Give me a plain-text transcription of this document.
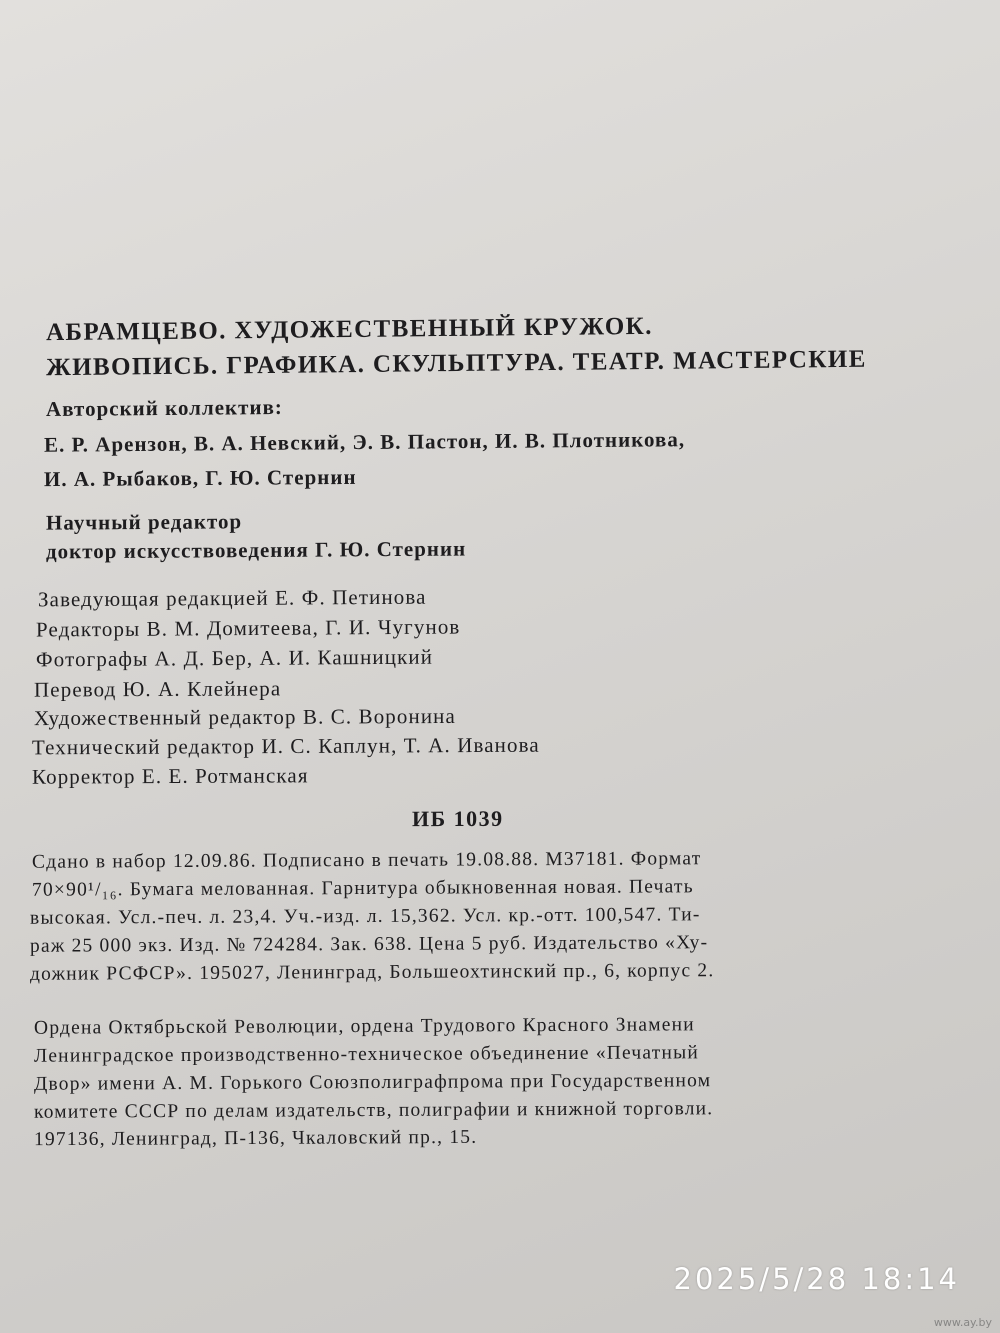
АБРАМЦЕВО. ХУДОЖЕСТВЕННЫЙ КРУЖОК.
ЖИВОПИСЬ. ГРАФИКА. СКУЛЬПТУРА. ТЕАТР. МАСТЕРСКИЕ
Авторский коллектив:
Е. Р. Арензон, В. А. Невский, Э. В. Пастон, И. В. Плотникова,
И. А. Рыбаков, Г. Ю. Стернин
Научный редактор
доктор искусствоведения Г. Ю. Стернин
Заведующая редакцией Е. Ф. Петинова
Редакторы В. М. Домитеева, Г. И. Чугунов
Фотографы А. Д. Бер, А. И. Кашницкий
Перевод Ю. А. Клейнера
Художественный редактор В. С. Воронина
Технический редактор И. С. Каплун, Т. А. Иванова
Корректор Е. Е. Ротманская
ИБ 1039
Сдано в набор 12.09.86. Подписано в печать 19.08.88. М37181. Формат
70×90¹/₁₆. Бумага мелованная. Гарнитура обыкновенная новая. Печать
высокая. Усл.-печ. л. 23,4. Уч.-изд. л. 15,362. Усл. кр.-отт. 100,547. Ти-
раж 25 000 экз. Изд. № 724284. Зак. 638. Цена 5 руб. Издательство «Ху-
дожник РСФСР». 195027, Ленинград, Большеохтинский пр., 6, корпус 2.
Ордена Октябрьской Революции, ордена Трудового Красного Знамени
Ленинградское производственно-техническое объединение «Печатный
Двор» имени А. М. Горького Союзполиграфпрома при Государственном
комитете СССР по делам издательств, полиграфии и книжной торговли.
197136, Ленинград, П-136, Чкаловский пр., 15.
2025/5/28 18:14
www.ay.by
